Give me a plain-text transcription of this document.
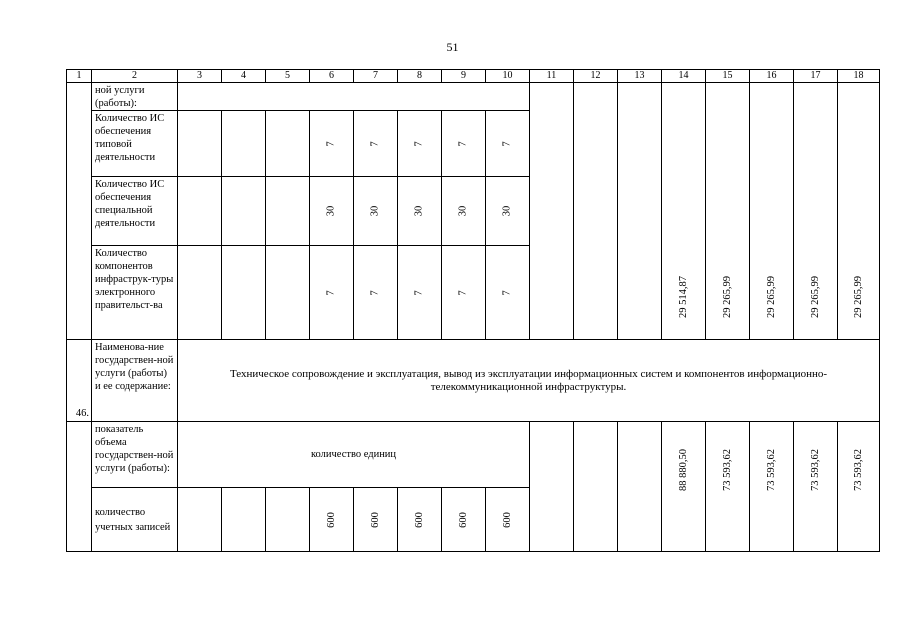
51
1	2	3	4	5	6	7	8	9	10	11	12	13	14	15	16	17	18
	ной услуги (работы):												29 514,87	29 265,99	29 265,99	29 265,99	29 265,99
	Количество ИС обеспечения типовой деятельности				7	7	7	7	7								
	Количество ИС обеспечения специальной деятельности				30	30	30	30	30								
	Количество компонентов инфраструк-туры электронного правительст-ва				7	7	7	7	7								
46.	Наименова-ние государствен-ной услуги (работы) и ее содержание:	Техническое сопровождение и эксплуатация, вывод из эксплуатации информационных систем и компонентов информационно-телекоммуникационной инфраструктуры.															
	показатель объема государствен-ной услуги (работы):	количество единиц											88 880,50	73 593,62	73 593,62	73 593,62	73 593,62
	количество учетных записей				600	600	600	600	600								
